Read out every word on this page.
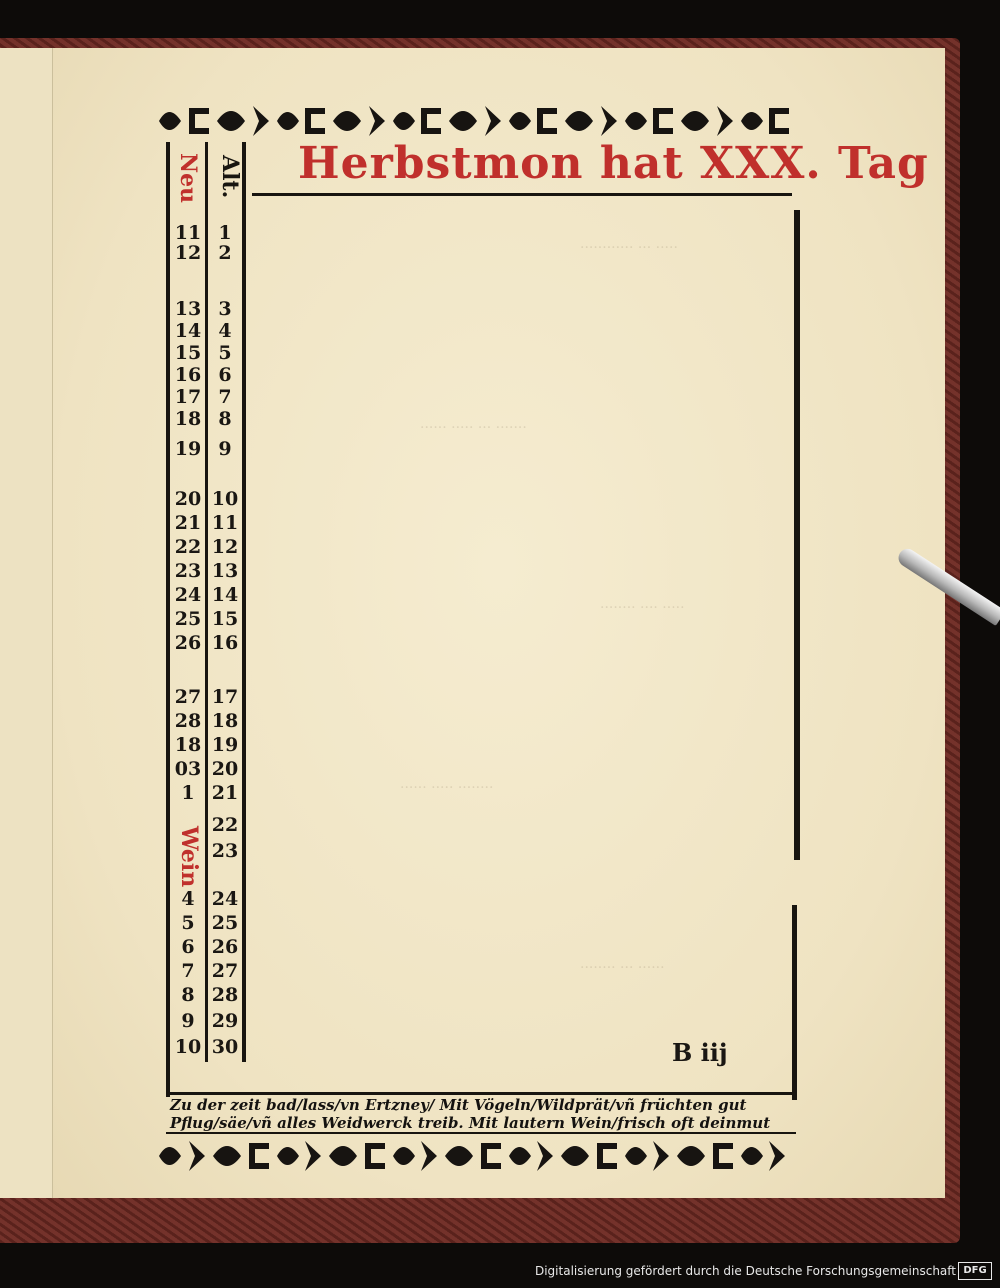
············ ··· ·····
······ ····· ··· ·······
········ ···· ·····
······ ····· ········
········ ··· ······
Herbstmon hat XXX. Tag
Neu Alt.
Wein
11 1
12 2
13 3
14 4
15 5
16 6
17 7
18 8
19 9
20 10
21 11
22 12
23 13
24 14
25 15
26 16
27 17
28 18
18 19
03 20
1 21
22
23
4 24
5 25
6 26
7 27
8 28
9 29
10 30	B iij
Zu der zeit bad/lass/vn Ertzney/ Mit Vögeln/Wildprät/vñ früchten gut
Pflug/säe/vñ alles Weidwerck treib. Mit lautern Wein/frisch oft deinmut
Digitalisierung gefördert durch die Deutsche Forschungsgemeinschaft DFG
